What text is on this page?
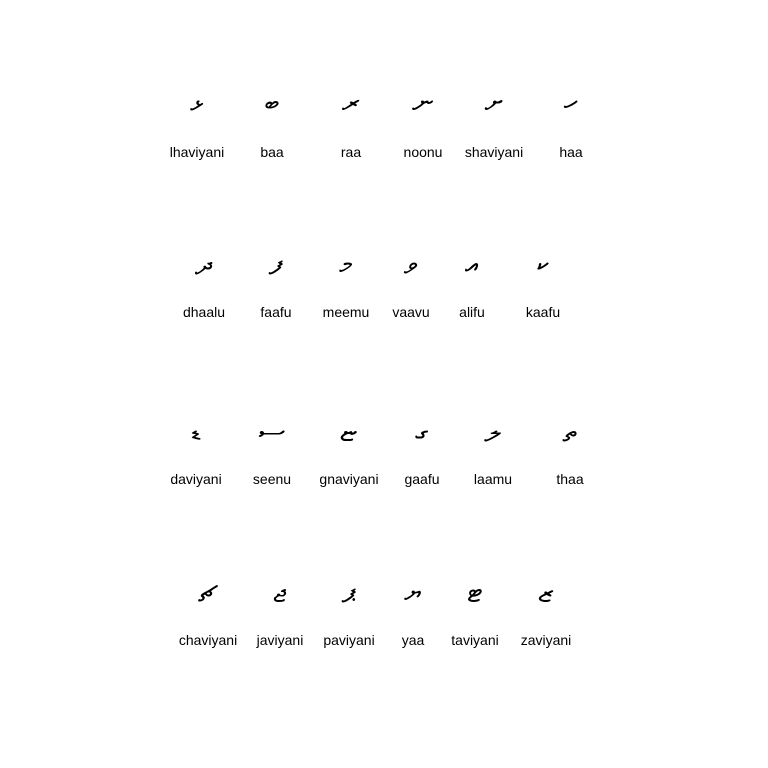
ޅ
lhaviyani
ބ
baa
ރ
raa
ނ
noonu
ށ
shaviyani
ހ
haa
ދ
dhaalu
ފ
faafu
މ
meemu
ވ
vaavu
އ
alifu
ކ
kaafu
ޑ
daviyani
ސ
seenu
ޏ
gnaviyani
ގ
gaafu
ލ
laamu
ތ
thaa
ޗ
chaviyani
ޖ
javiyani
ޕ
paviyani
ޔ
yaa
ޓ
taviyani
ޒ
zaviyani
